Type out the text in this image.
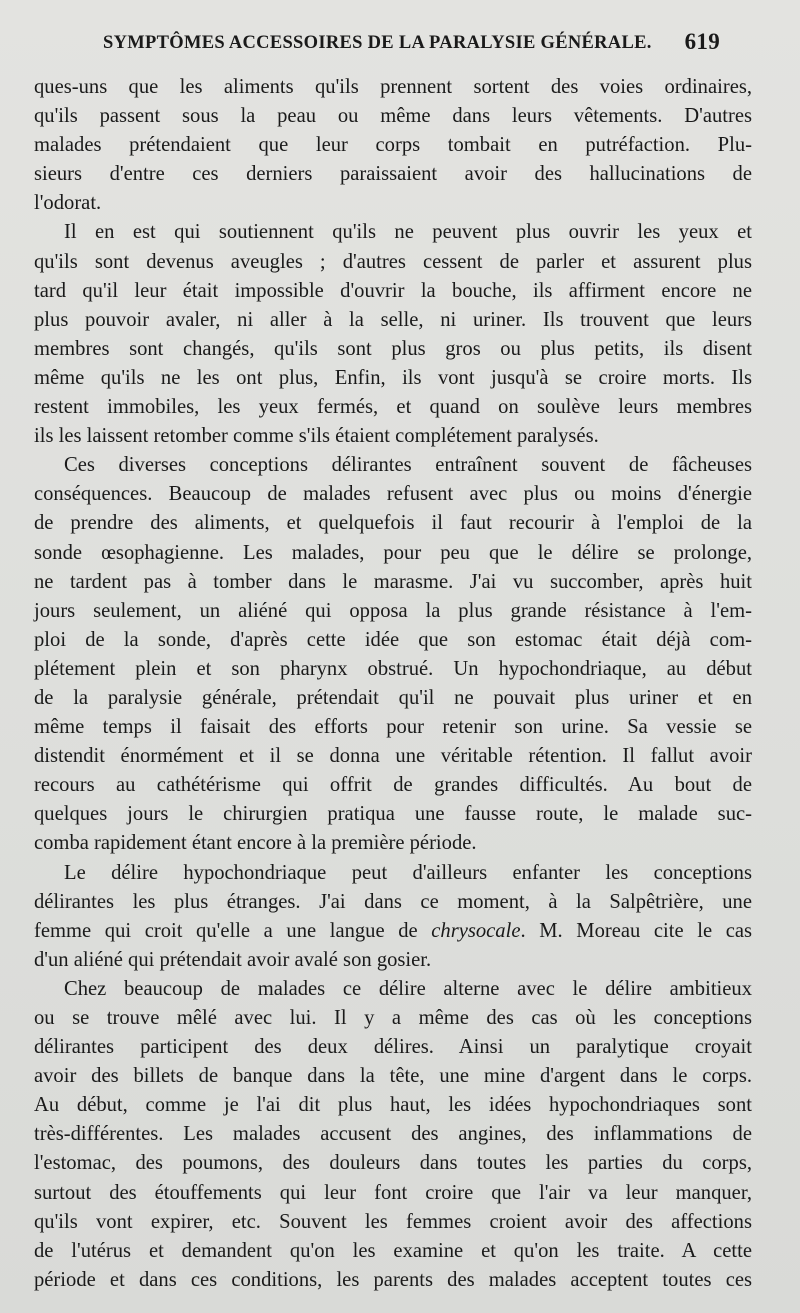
SYMPTÔMES ACCESSOIRES DE LA PARALYSIE GÉNÉRALE. 619

ques-uns que les aliments qu'ils prennent sortent des voies ordinaires,
qu'ils passent sous la peau ou même dans leurs vêtements. D'autres
malades prétendaient que leur corps tombait en putréfaction. Plu-
sieurs d'entre ces derniers paraissaient avoir des hallucinations de
l'odorat.

Il en est qui soutiennent qu'ils ne peuvent plus ouvrir les yeux et
qu'ils sont devenus aveugles ; d'autres cessent de parler et assurent plus
tard qu'il leur était impossible d'ouvrir la bouche, ils affirment encore ne
plus pouvoir avaler, ni aller à la selle, ni uriner. Ils trouvent que leurs
membres sont changés, qu'ils sont plus gros ou plus petits, ils disent
même qu'ils ne les ont plus, Enfin, ils vont jusqu'à se croire morts. Ils
restent immobiles, les yeux fermés, et quand on soulève leurs membres
ils les laissent retomber comme s'ils étaient complétement paralysés.

Ces diverses conceptions délirantes entraînent souvent de fâcheuses
conséquences. Beaucoup de malades refusent avec plus ou moins d'énergie
de prendre des aliments, et quelquefois il faut recourir à l'emploi de la
sonde œsophagienne. Les malades, pour peu que le délire se prolonge,
ne tardent pas à tomber dans le marasme. J'ai vu succomber, après huit
jours seulement, un aliéné qui opposa la plus grande résistance à l'em-
ploi de la sonde, d'après cette idée que son estomac était déjà com-
plétement plein et son pharynx obstrué. Un hypochondriaque, au début
de la paralysie générale, prétendait qu'il ne pouvait plus uriner et en
même temps il faisait des efforts pour retenir son urine. Sa vessie se
distendit énormément et il se donna une véritable rétention. Il fallut avoir
recours au cathétérisme qui offrit de grandes difficultés. Au bout de
quelques jours le chirurgien pratiqua une fausse route, le malade suc-
comba rapidement étant encore à la première période.

Le délire hypochondriaque peut d'ailleurs enfanter les conceptions
délirantes les plus étranges. J'ai dans ce moment, à la Salpêtrière, une
femme qui croit qu'elle a une langue de chrysocale. M. Moreau cite le cas
d'un aliéné qui prétendait avoir avalé son gosier.

Chez beaucoup de malades ce délire alterne avec le délire ambitieux
ou se trouve mêlé avec lui. Il y a même des cas où les conceptions
délirantes participent des deux délires. Ainsi un paralytique croyait
avoir des billets de banque dans la tête, une mine d'argent dans le corps.
Au début, comme je l'ai dit plus haut, les idées hypochondriaques sont
très-différentes. Les malades accusent des angines, des inflammations de
l'estomac, des poumons, des douleurs dans toutes les parties du corps,
surtout des étouffements qui leur font croire que l'air va leur manquer,
qu'ils vont expirer, etc. Souvent les femmes croient avoir des affections
de l'utérus et demandent qu'on les examine et qu'on les traite. A cette
période et dans ces conditions, les parents des malades acceptent toutes ces
